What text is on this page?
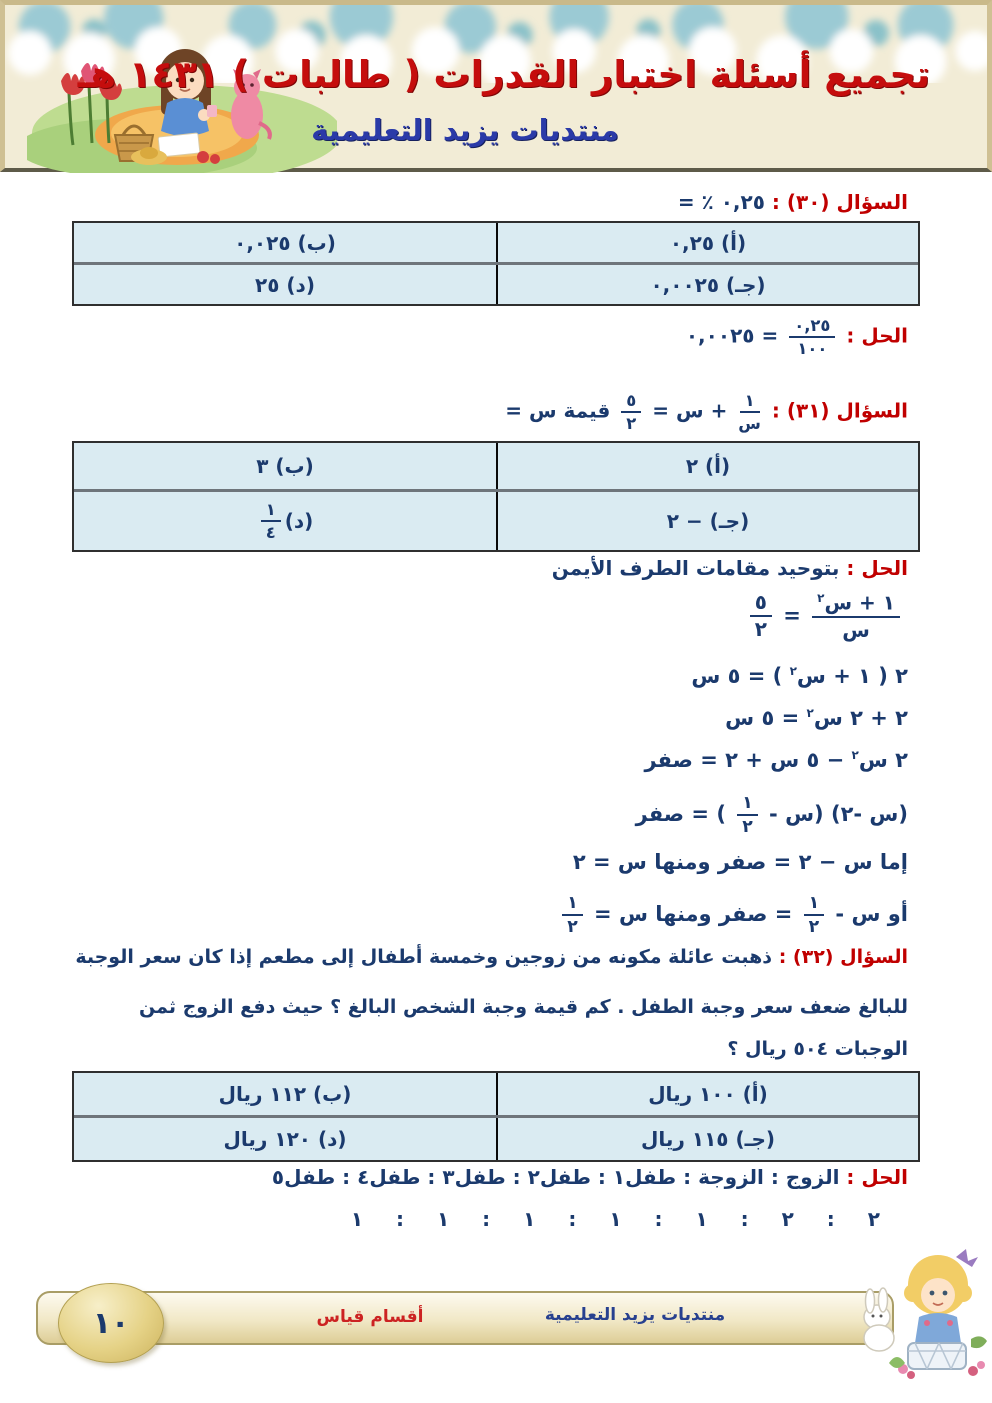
تجميع أسئلة اختبار القدرات ( طالبات ) ١٤٣١ هـ
منتديات يزيد التعليمية
السؤال (٣٠) : ٠,٢٥ ٪ =
(أ) ٠,٢٥
(ب) ٠,٠٢٥
(جـ) ٠,٠٠٢٥
(د) ٢٥
الحل :
$\frac{٠,٢٥}{١٠٠}$
= ٠,٠٠٢٥
السؤال (٣١) :
$\frac{١}{\text{س}}$
+ س =
$\frac{٥}{٢}$
قيمة س =
(أ) ٢
(ب) ٣
(جـ) − ٢
(د)
$\frac{١}{٤}$
الحل : بتوحيد مقامات الطرف الأيمن
$\frac{١ + س^٢}{\text{س}}$
=
$\frac{٥}{٢}$
٢ ( ١ + س$^٢$ ) = ٥ س
٢ + ٢ س$^٢$ = ٥ س
٢ س$^٢$ − ٥ س + ٢ = صفر
(س -٢) (س -
$\frac{١}{٢}$
) = صفر
إما س − ٢ = صفر ومنها س = ٢
أو س -
$\frac{١}{٢}$
= صفر ومنها س =
$\frac{١}{٢}$
السؤال (٣٢) : ذهبت عائلة مكونه من زوجين وخمسة أطفال إلى مطعم إذا كان سعر الوجبة
للبالغ ضعف سعر وجبة الطفل . كم قيمة وجبة الشخص البالغ ؟ حيث دفع الزوج ثمن
الوجبات ٥٠٤ ريال ؟
(أ) ١٠٠ ريال
(ب) ١١٢ ريال
(جـ) ١١٥ ريال
(د) ١٢٠ ريال
الحل : الزوج : الزوجة : طفل١ : طفل٢ : طفل٣ : طفل٤ : طفل٥
٢ : ٢ : ١ : ١ : ١ : ١ : ١
١٠	أقسام قياس	منتديات يزيد التعليمية
